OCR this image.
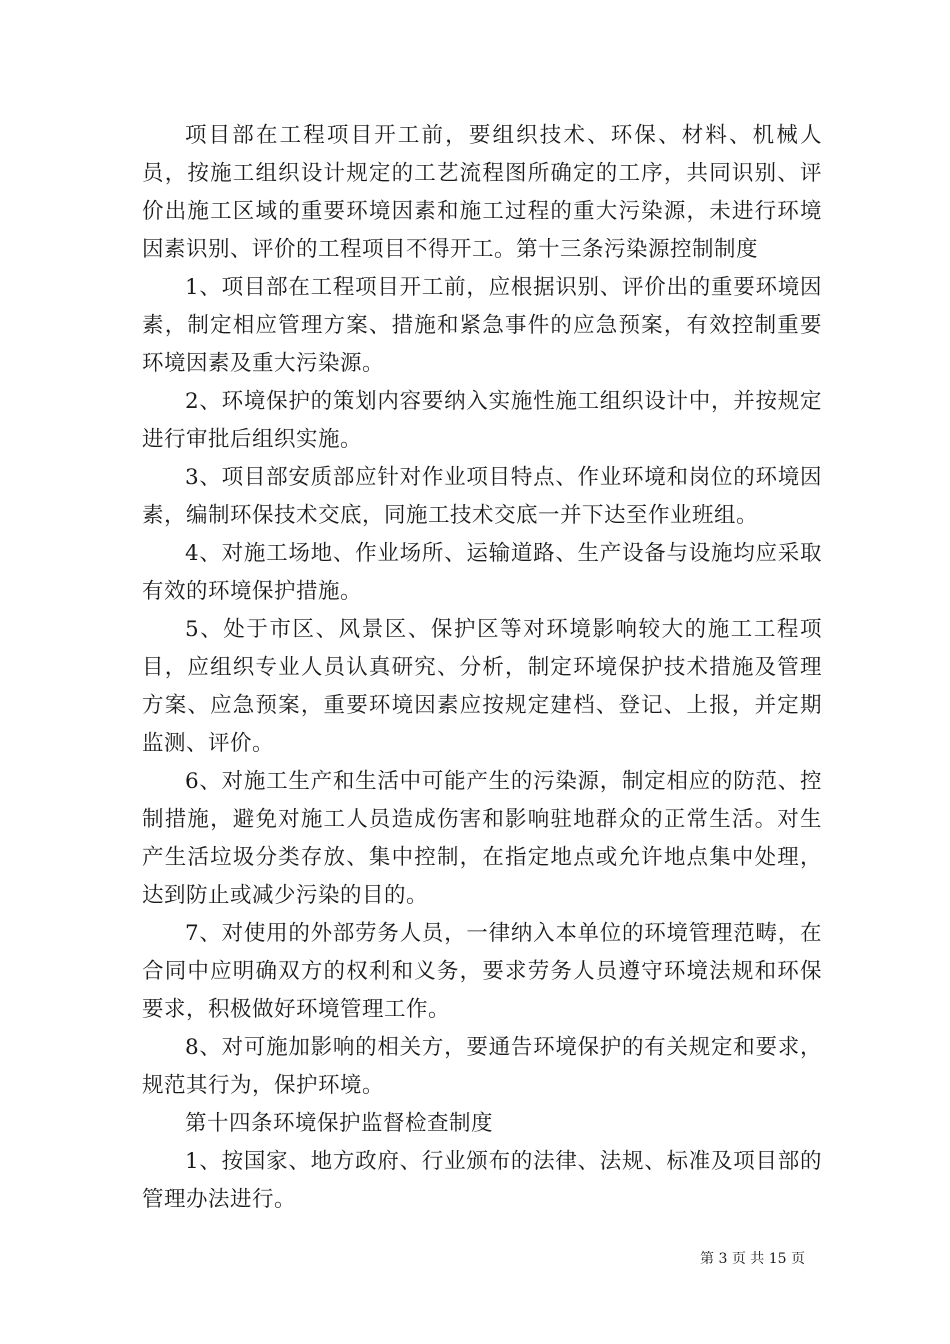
项目部在工程项目开工前，要组织技术、环保、材料、机械人员，按施工组织设计规定的工艺流程图所确定的工序，共同识别、评价出施工区域的重要环境因素和施工过程的重大污染源，未进行环境因素识别、评价的工程项目不得开工。第十三条污染源控制制度

1、项目部在工程项目开工前，应根据识别、评价出的重要环境因素，制定相应管理方案、措施和紧急事件的应急预案，有效控制重要环境因素及重大污染源。

2、环境保护的策划内容要纳入实施性施工组织设计中，并按规定进行审批后组织实施。

3、项目部安质部应针对作业项目特点、作业环境和岗位的环境因素，编制环保技术交底，同施工技术交底一并下达至作业班组。

4、对施工场地、作业场所、运输道路、生产设备与设施均应采取有效的环境保护措施。

5、处于市区、风景区、保护区等对环境影响较大的施工工程项目，应组织专业人员认真研究、分析，制定环境保护技术措施及管理方案、应急预案，重要环境因素应按规定建档、登记、上报，并定期监测、评价。

6、对施工生产和生活中可能产生的污染源，制定相应的防范、控制措施，避免对施工人员造成伤害和影响驻地群众的正常生活。对生产生活垃圾分类存放、集中控制，在指定地点或允许地点集中处理，达到防止或减少污染的目的。

7、对使用的外部劳务人员，一律纳入本单位的环境管理范畴，在合同中应明确双方的权利和义务，要求劳务人员遵守环境法规和环保要求，积极做好环境管理工作。

8、对可施加影响的相关方，要通告环境保护的有关规定和要求，规范其行为，保护环境。

第十四条环境保护监督检查制度

1、按国家、地方政府、行业颁布的法律、法规、标准及项目部的管理办法进行。

第 3 页 共 15 页
